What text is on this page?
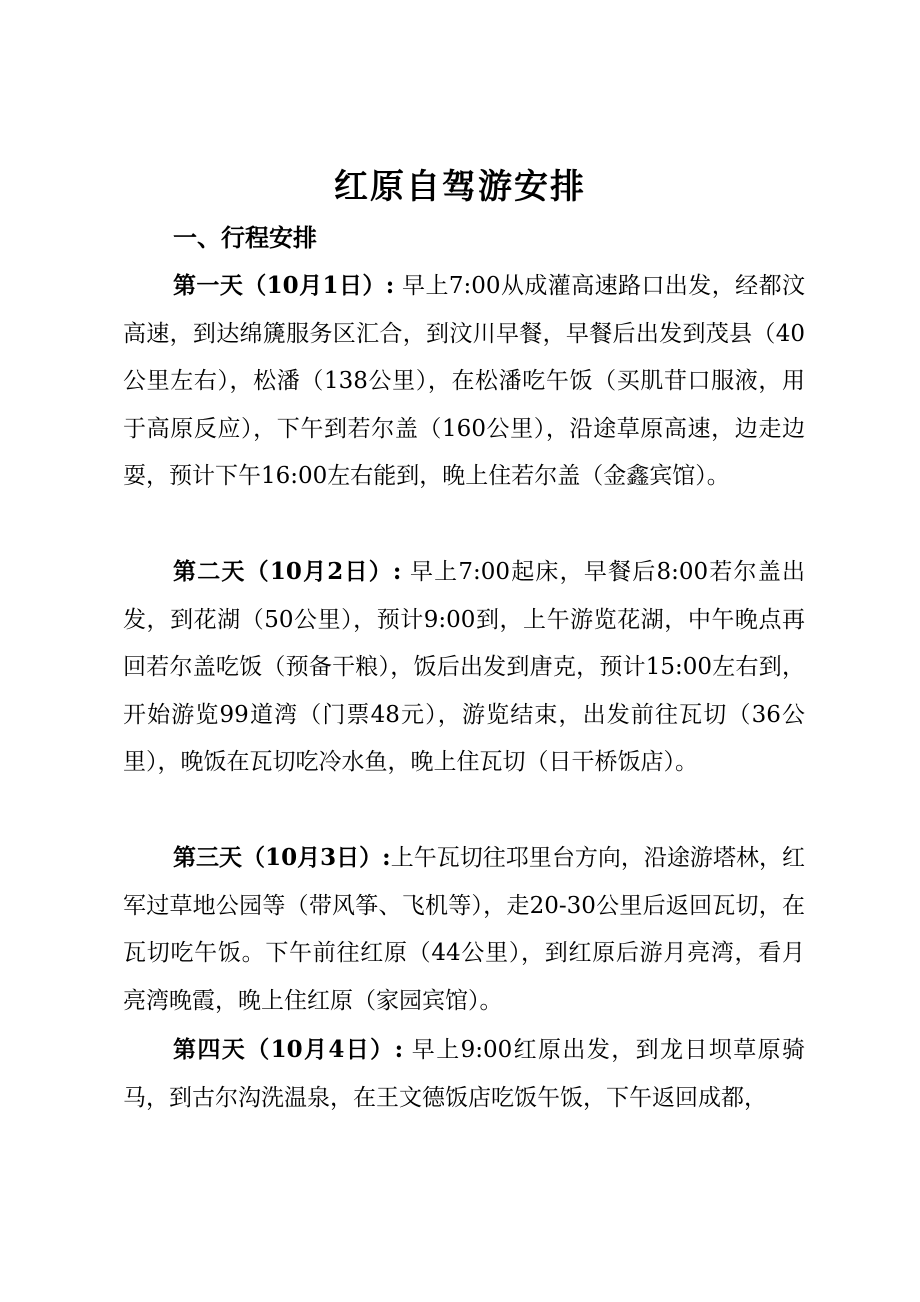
红原自驾游安排
一、行程安排

第一天（10月1日）: 早上7:00从成灌高速路口出发，经都汶高速，到达绵篪服务区汇合，到汶川早餐，早餐后出发到茂县（40公里左右），松潘（138公里），在松潘吃午饭（买肌苷口服液，用于高原反应），下午到若尔盖（160公里），沿途草原高速，边走边耍，预计下午16:00左右能到，晚上住若尔盖（金鑫宾馆）。

第二天（10月2日）: 早上7:00起床，早餐后8:00若尔盖出发，到花湖（50公里），预计9:00到，上午游览花湖，中午晚点再回若尔盖吃饭（预备干粮），饭后出发到唐克，预计15:00左右到，开始游览99道湾（门票48元），游览结束，出发前往瓦切（36公里），晚饭在瓦切吃冷水鱼，晚上住瓦切（日干桥饭店）。

第三天（10月3日）:上午瓦切往邛里台方向，沿途游塔林，红军过草地公园等（带风筝、飞机等），走20-30公里后返回瓦切，在瓦切吃午饭。下午前往红原（44公里），到红原后游月亮湾，看月亮湾晚霞，晚上住红原（家园宾馆）。

第四天（10月4日）: 早上9:00红原出发，到龙日坝草原骑马，到古尔沟洗温泉，在王文德饭店吃饭午饭，下午返回成都，
